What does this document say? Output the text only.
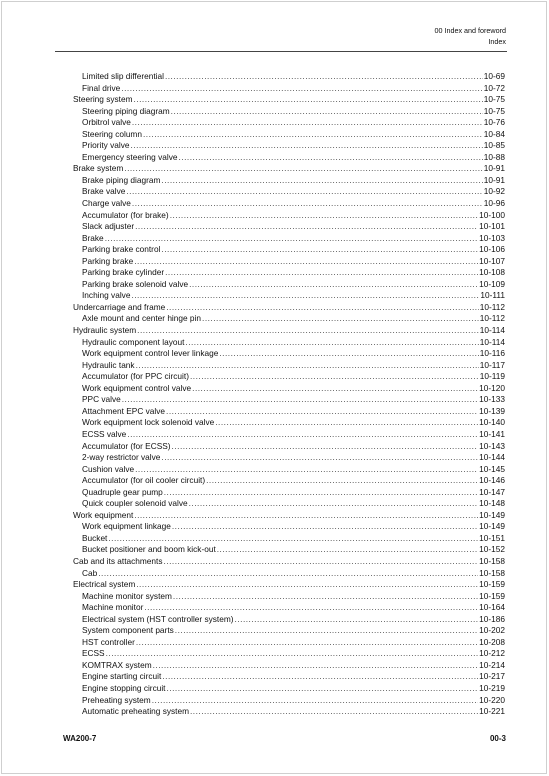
00 Index and foreword
Index
Limited slip differential .....	10-69
Final drive .....	10-72
Steering system .....	10-75
Steering piping diagram .....	10-75
Orbitrol valve .....	10-76
Steering column .....	10-84
Priority valve .....	10-85
Emergency steering valve .....	10-88
Brake system .....	10-91
Brake piping diagram .....	10-91
Brake valve .....	10-92
Charge valve .....	10-96
Accumulator (for brake) .....	10-100
Slack adjuster .....	10-101
Brake .....	10-103
Parking brake control .....	10-106
Parking brake .....	10-107
Parking brake cylinder .....	10-108
Parking brake solenoid valve .....	10-109
Inching valve .....	10-111
Undercarriage and frame .....	10-112
Axle mount and center hinge pin .....	10-112
Hydraulic system .....	10-114
Hydraulic component layout .....	10-114
Work equipment control lever linkage .....	10-116
Hydraulic tank .....	10-117
Accumulator (for PPC circuit) .....	10-119
Work equipment control valve .....	10-120
PPC valve .....	10-133
Attachment EPC valve .....	10-139
Work equipment lock solenoid valve .....	10-140
ECSS valve .....	10-141
Accumulator (for ECSS) .....	10-143
2-way restrictor valve .....	10-144
Cushion valve .....	10-145
Accumulator (for oil cooler circuit) .....	10-146
Quadruple gear pump .....	10-147
Quick coupler solenoid valve .....	10-148
Work equipment .....	10-149
Work equipment linkage .....	10-149
Bucket .....	10-151
Bucket positioner and boom kick-out .....	10-152
Cab and its attachments .....	10-158
Cab .....	10-158
Electrical system .....	10-159
Machine monitor system .....	10-159
Machine monitor .....	10-164
Electrical system (HST controller system) .....	10-186
System component parts .....	10-202
HST controller .....	10-208
ECSS .....	10-212
KOMTRAX system .....	10-214
Engine starting circuit .....	10-217
Engine stopping circuit .....	10-219
Preheating system .....	10-220
Automatic preheating system .....	10-221
WA200-7	00-3
